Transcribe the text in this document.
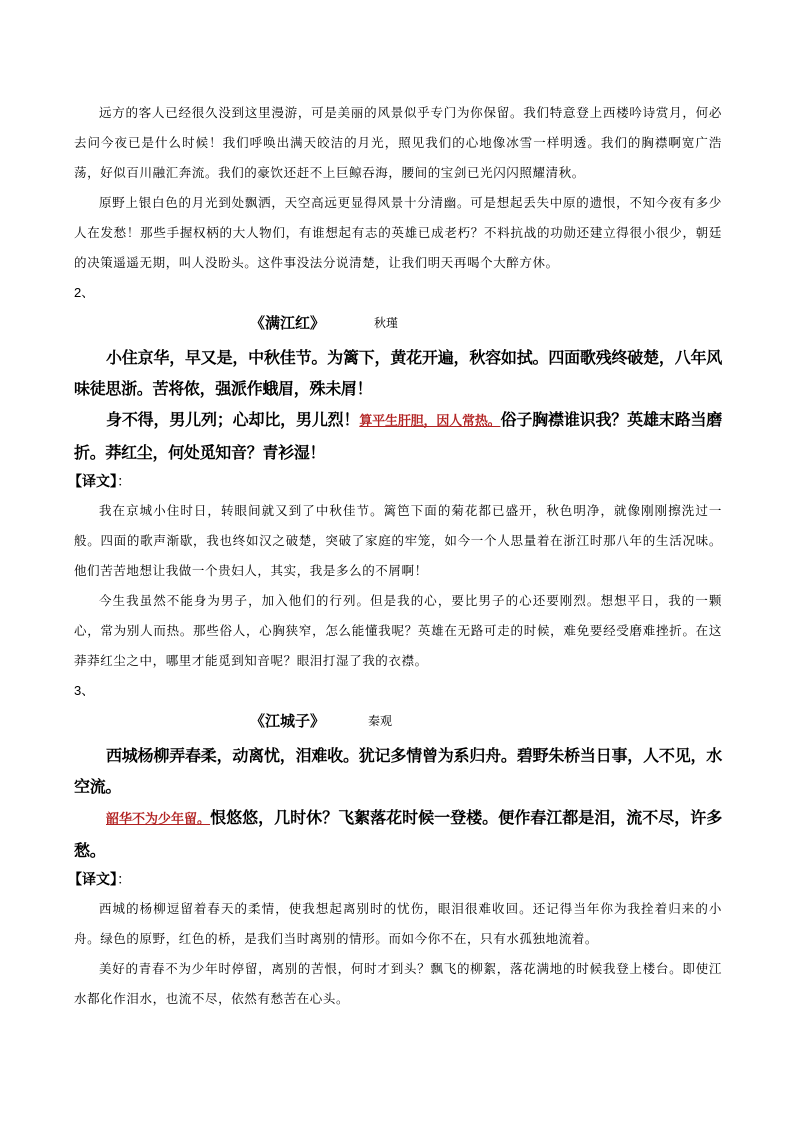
远方的客人已经很久没到这里漫游，可是美丽的风景似乎专门为你保留。我们特意登上西楼吟诗赏月，何必去问今夜已是什么时候！我们呼唤出满天皎洁的月光，照见我们的心地像冰雪一样明透。我们的胸襟啊宽广浩荡，好似百川融汇奔流。我们的豪饮还赶不上巨鲸吞海，腰间的宝剑已光闪闪照耀清秋。

原野上银白色的月光到处飘洒，天空高远更显得风景十分清幽。可是想起丢失中原的遗恨，不知今夜有多少人在发愁！那些手握权柄的大人物们，有谁想起有志的英雄已成老朽？不料抗战的功勋还建立得很小很少，朝廷的决策遥遥无期，叫人没盼头。这件事没法分说清楚，让我们明天再喝个大醉方休。

2、

《满江红》	秋瑾

小住京华，早又是，中秋佳节。为篱下，黄花开遍，秋容如拭。四面歌残终破楚，八年风味徒思浙。苦将侬，强派作蛾眉，殊未屑！

身不得，男儿列；心却比，男儿烈！算平生肝胆，因人常热。俗子胸襟谁识我？英雄末路当磨折。莽红尘，何处觅知音？青衫湿！

【译文】：

我在京城小住时日，转眼间就又到了中秋佳节。篱笆下面的菊花都已盛开，秋色明净，就像刚刚擦洗过一般。四面的歌声渐歇，我也终如汉之破楚，突破了家庭的牢笼，如今一个人思量着在浙江时那八年的生活况味。他们苦苦地想让我做一个贵妇人，其实，我是多么的不屑啊！

今生我虽然不能身为男子，加入他们的行列。但是我的心，要比男子的心还要刚烈。想想平日，我的一颗心，常为别人而热。那些俗人，心胸狭窄，怎么能懂我呢？英雄在无路可走的时候，难免要经受磨难挫折。在这莽莽红尘之中，哪里才能觅到知音呢？眼泪打湿了我的衣襟。

3、

《江城子》	秦观

西城杨柳弄春柔，动离忧，泪难收。犹记多情曾为系归舟。碧野朱桥当日事，人不见，水空流。

韶华不为少年留。恨悠悠，几时休？飞絮落花时候一登楼。便作春江都是泪，流不尽，许多愁。

【译文】：

西城的杨柳逗留着春天的柔情，使我想起离别时的忧伤，眼泪很难收回。还记得当年你为我拴着归来的小舟。绿色的原野，红色的桥，是我们当时离别的情形。而如今你不在，只有水孤独地流着。

美好的青春不为少年时停留，离别的苦恨，何时才到头？飘飞的柳絮，落花满地的时候我登上楼台。即使江水都化作泪水，也流不尽，依然有愁苦在心头。
